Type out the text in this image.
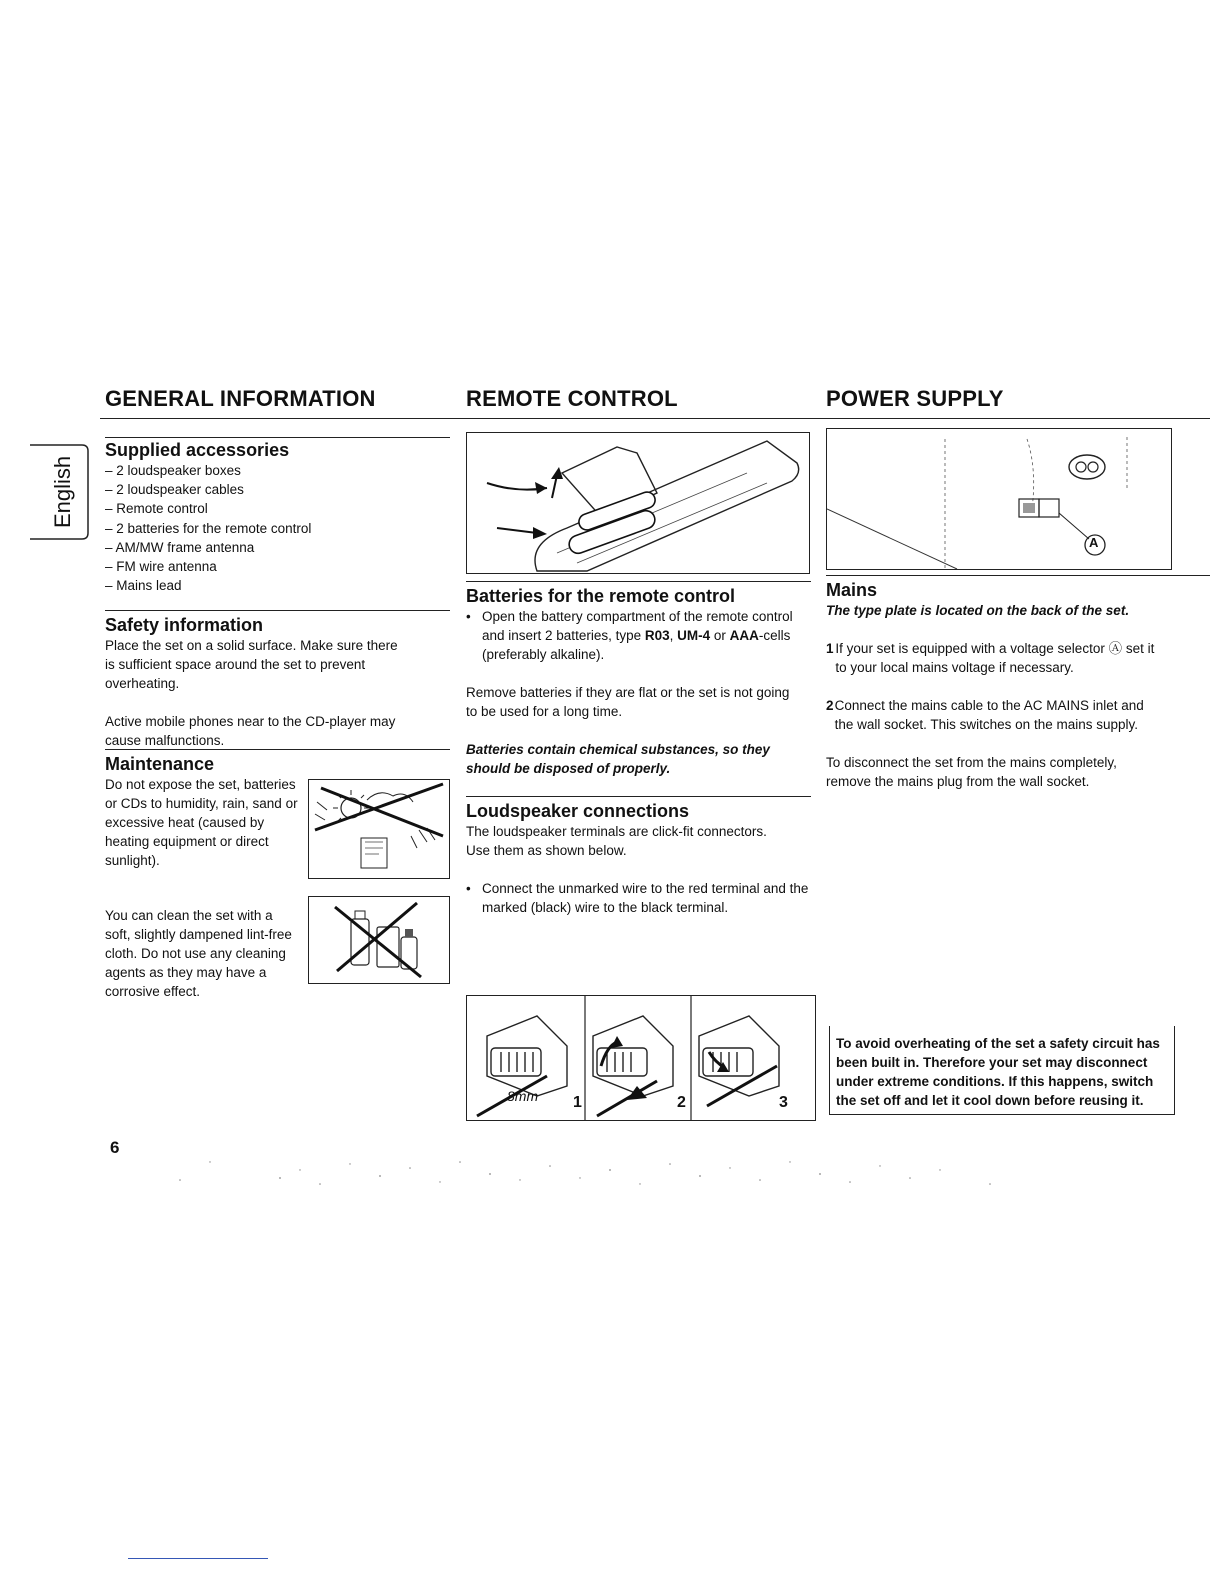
GENERAL INFORMATION	REMOTE CONTROL	POWER SUPPLY
English
Supplied accessories
– 2 loudspeaker boxes
– 2 loudspeaker cables
– Remote control
– 2 batteries for the remote control
– AM/MW frame antenna
– FM wire antenna
– Mains lead
Safety information

Place the set on a solid surface. Make sure there is sufficient space around the set to prevent overheating.

Active mobile phones near to the CD-player may cause malfunctions.

Maintenance
Do not expose the set, batteries or CDs to humidity, rain, sand or excessive heat (caused by heating equipment or direct sunlight).
You can clean the set with a soft, slightly dampened lint-free cloth. Do not use any cleaning agents as they may have a corrosive effect.
Batteries for the remote control
• Open the battery compartment of the remote control and insert 2 batteries, type R03, UM-4 or AAA-cells (preferably alkaline).
Remove batteries if they are flat or the set is not going to be used for a long time.
Batteries contain chemical substances, so they should be disposed of properly.
Loudspeaker connections
The loudspeaker terminals are click-fit connectors. Use them as shown below.
• Connect the unmarked wire to the red terminal and the marked (black) wire to the black terminal.
8mm 1	2	3
A
Mains
The type plate is located on the back of the set.
1 If your set is equipped with a voltage selector Ⓐ set it to your local mains voltage if necessary.
2 Connect the mains cable to the AC MAINS inlet and the wall socket. This switches on the mains supply.
To disconnect the set from the mains completely, remove the mains plug from the wall socket.
To avoid overheating of the set a safety circuit has been built in. Therefore your set may disconnect under extreme conditions. If this happens, switch the set off and let it cool down before reusing it.
6
